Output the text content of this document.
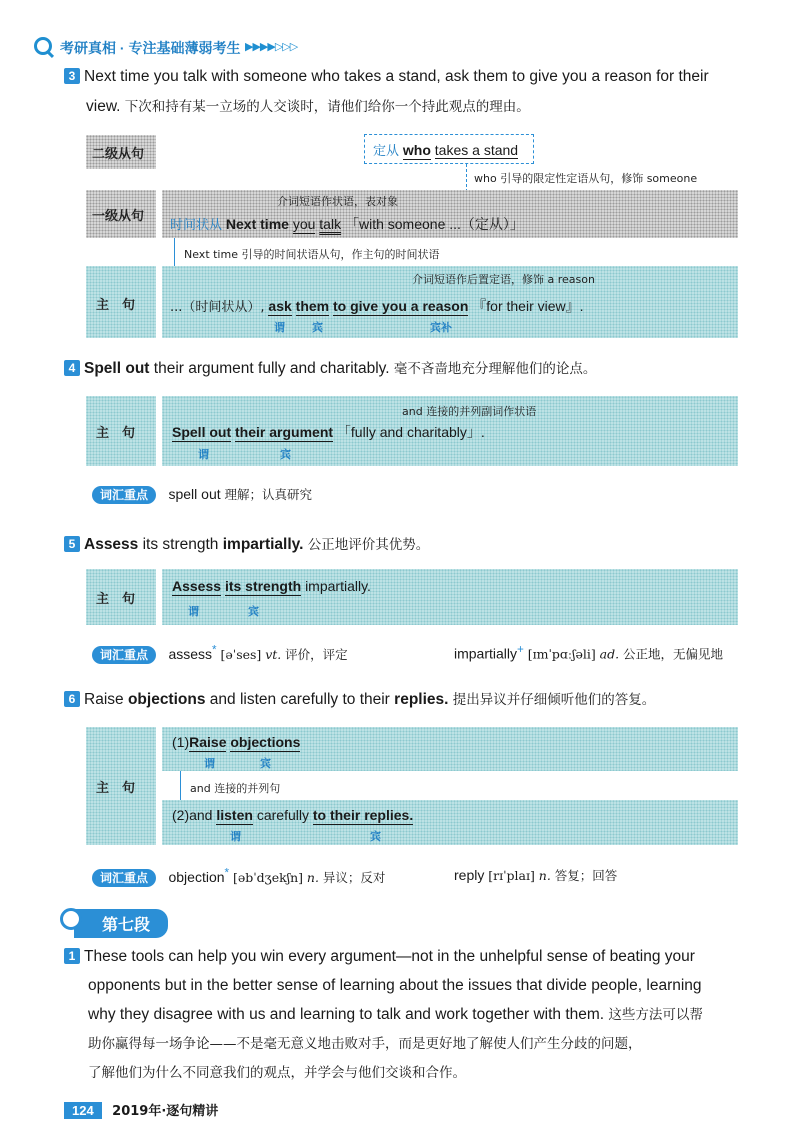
考研真相 · 专注基础薄弱考生 ▶▶▶▶▷▷▷
3 Next time you talk with someone who takes a stand, ask them to give you a reason for their
view. 下次和持有某一立场的人交谈时，请他们给你一个持此观点的理由。
二级从句	定从 who takes a stand
who 引导的限定性定语从句，修饰 someone
一级从句
介词短语作状语，表对象
时间状从 Next time you talk 「with someone ...（定从）」
Next time 引导的时间状语从句，作主句的时间状语
主　句
介词短语作后置定语，修饰 a reason
...（时间状从）, ask them to give you a reason 『for their view』.
谓 宾	宾补
4 Spell out their argument fully and charitably. 毫不吝啬地充分理解他们的论点。
主　句
and 连接的并列副词作状语
Spell out their argument 「fully and charitably」.
谓	宾
词汇重点 spell out 理解；认真研究
5 Assess its strength impartially. 公正地评价其优势。
主　句
Assess its strength impartially.
谓	宾
词汇重点 assess* [əˈses] vt. 评价，评定	impartially+ [ɪmˈpɑːʃəli] ad. 公正地，无偏见地
6 Raise objections and listen carefully to their replies. 提出异议并仔细倾听他们的答复。
主　句
(1)Raise objections
谓	宾
and 连接的并列句
(2)and listen carefully to their replies.
谓	宾
词汇重点 objection* [əbˈdʒekʃn] n. 异议；反对	reply [rɪˈplaɪ] n. 答复；回答
第七段
1 These tools can help you win every argument—not in the unhelpful sense of beating your
opponents but in the better sense of learning about the issues that divide people, learning
why they disagree with us and learning to talk and work together with them. 这些方法可以帮
助你赢得每一场争论——不是毫无意义地击败对手，而是更好地了解使人们产生分歧的问题，
了解他们为什么不同意我们的观点，并学会与他们交谈和合作。
124 2019年·逐句精讲
